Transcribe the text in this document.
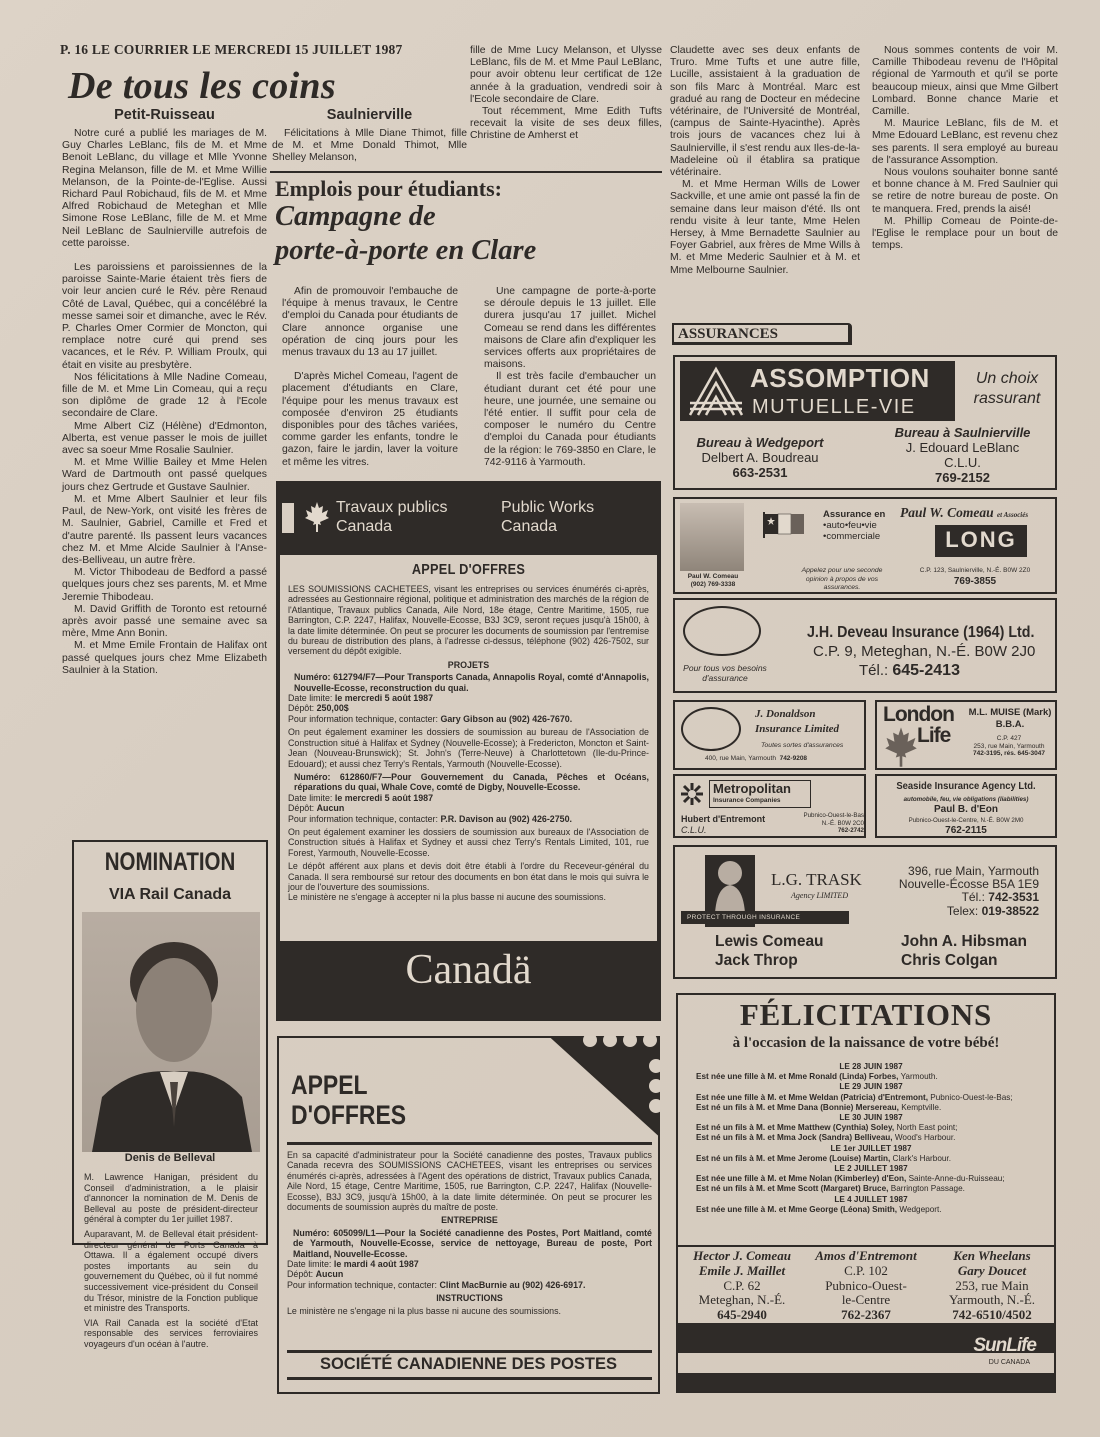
P. 16 LE COURRIER LE MERCREDI 15 JUILLET 1987
De tous les coins
Petit-Ruisseau

Notre curé a publié les mariages de M. Guy Charles LeBlanc, fils de M. et Mme Benoit LeBlanc, du village et Mlle Yvonne Regina Melanson, fille de M. et Mme Willie Melanson, de la Pointe-de-l'Eglise. Aussi Richard Paul Robichaud, fils de M. et Mme Alfred Robichaud de Meteghan et Mlle Simone Rose LeBlanc, fille de M. et Mme Neil LeBlanc de Saulnierville autrefois de cette paroisse.

Les paroissiens et paroissiennes de la paroisse Sainte-Marie étaient très fiers de voir leur ancien curé le Rév. père Renaud Côté de Laval, Québec, qui a concélébré la messe samei soir et dimanche, avec le Rév. P. Charles Omer Cormier de Moncton, qui remplace notre curé qui prend ses vacances, et le Rév. P. William Proulx, qui était en visite au presbytère.

Nos félicitations à Mlle Nadine Comeau, fille de M. et Mme Lin Comeau, qui a reçu son diplôme de grade 12 à l'Ecole secondaire de Clare.

Mme Albert CiZ (Hélène) d'Edmonton, Alberta, est venue passer le mois de juillet avec sa soeur Mme Rosalie Saulnier.

M. et Mme Willie Bailey et Mme Helen Ward de Dartmouth ont passé quelques jours chez Gertrude et Gustave Saulnier.

M. et Mme Albert Saulnier et leur fils Paul, de New-York, ont visité les frères de M. Saulnier, Gabriel, Camille et Fred et d'autre parenté. Ils passent leurs vacances chez M. et Mme Alcide Saulnier à l'Anse-des-Belliveau, un autre frère.

M. Victor Thibodeau de Bedford a passé quelques jours chez ses parents, M. et Mme Jeremie Thibodeau.

M. David Griffith de Toronto est retourné après avoir passé une semaine avec sa mère, Mme Ann Bonin.

M. et Mme Emile Frontain de Halifax ont passé quelques jours chez Mme Elizabeth Saulnier à la Station.

Saulnierville

Félicitations à Mlle Diane Thimot, fille de M. et Mme Donald Thimot, Mlle Shelley Melanson,

fille de Mme Lucy Melanson, et Ulysse LeBlanc, fils de M. et Mme Paul LeBlanc, pour avoir obtenu leur certificat de 12e année à la graduation, vendredi soir à l'Ecole secondaire de Clare.

Tout récemment, Mme Edith Tufts recevait la visite de ses deux filles, Christine de Amherst et

Claudette avec ses deux enfants de Truro. Mme Tufts et une autre fille, Lucille, assistaient à la graduation de son fils Marc à Montréal. Marc est gradué au rang de Docteur en médecine vétérinaire, de l'Université de Montréal, (campus de Sainte-Hyacinthe). Après trois jours de vacances chez lui à Saulnierville, il s'est rendu aux Iles-de-la-Madeleine où il établira sa pratique vétérinaire.

M. et Mme Herman Wills de Lower Sackville, et une amie ont passé la fin de semaine dans leur maison d'été. Ils ont rendu visite à leur tante, Mme Helen Hersey, à Mme Bernadette Saulnier au Foyer Gabriel, aux frères de Mme Wills à M. et Mme Mederic Saulnier et à M. et Mme Melbourne Saulnier.

Nous sommes contents de voir M. Camille Thibodeau revenu de l'Hôpital régional de Yarmouth et qu'il se porte beaucoup mieux, ainsi que Mme Gilbert Lombard. Bonne chance Marie et Camille.

M. Maurice LeBlanc, fils de M. et Mme Edouard LeBlanc, est revenu chez ses parents. Il sera employé au bureau de l'assurance Assomption.

Nous voulons souhaiter bonne santé et bonne chance à M. Fred Saulnier qui se retire de notre bureau de poste. On te manquera. Fred, prends la aisé!

M. Phillip Comeau de Pointe-de-l'Eglise le remplace pour un bout de temps.

Emplois pour étudiants:
Campagne de
porte-à-porte en Clare

Afin de promouvoir l'embauche de l'équipe à menus travaux, le Centre d'emploi du Canada pour étudiants de Clare annonce organise une opération de cinq jours pour les menus travaux du 13 au 17 juillet.

D'après Michel Comeau, l'agent de placement d'étudiants en Clare, l'équipe pour les menus travaux est composée d'environ 25 étudiants disponibles pour des tâches variées, comme garder les enfants, tondre le gazon, faire le jardin, laver la voiture et même les vitres.

Une campagne de porte-à-porte se déroule depuis le 13 juillet. Elle durera jusqu'au 17 juillet. Michel Comeau se rend dans les différentes maisons de Clare afin d'expliquer les services offerts aux propriétaires de maisons.

Il est très facile d'embaucher un étudiant durant cet été pour une heure, une journée, une semaine ou l'été entier. Il suffit pour cela de composer le numéro du Centre d'emploi du Canada pour étudiants de la région: le 769-3850 en Clare, le 742-9116 à Yarmouth.

Travaux publics
Canada
Public Works
Canada
APPEL D'OFFRES
LES SOUMISSIONS CACHETEES, visant les entreprises ou services énumérés ci-après, adressées au Gestionnaire régional, politique et administration des marchés de la région de l'Atlantique, Travaux publics Canada, Aile Nord, 18e étage, Centre Maritime, 1505, rue Barrington, C.P. 2247, Halifax, Nouvelle-Ecosse, B3J 3C9, seront reçues jusqu'à 15h00, à la date limite déterminée. On peut se procurer les documents de soumission par l'entremise du bureau de distribution des plans, à l'adresse ci-dessus, téléphone (902) 426-7502, sur versement du dépôt exigible.
PROJETS
Numéro: 612794/F7—Pour Transports Canada, Annapolis Royal, comté d'Annapolis, Nouvelle-Ecosse, reconstruction du quai.
Date limite: le mercredi 5 août 1987
Dépôt: 250,00$
Pour information technique, contacter: Gary Gibson au (902) 426-7670.
On peut également examiner les dossiers de soumission au bureau de l'Association de Construction situé à Halifax et Sydney (Nouvelle-Ecosse); à Fredericton, Moncton et Saint-Jean (Nouveau-Brunswick); St. John's (Terre-Neuve) à Charlottetown (Ile-du-Prince-Edouard); et aussi chez Terry's Rentals, Yarmouth (Nouvelle-Ecosse).
Numéro: 612860/F7—Pour Gouvernement du Canada, Pêches et Océans, réparations du quai, Whale Cove, comté de Digby, Nouvelle-Ecosse.
Date limite: le mercredi 5 août 1987
Dépôt: Aucun
Pour information technique, contacter: P.R. Davison au (902) 426-2750.
On peut également examiner les dossiers de soumission aux bureaux de l'Association de Construction situés à Halifax et Sydney et aussi chez Terry's Rentals Limited, 101, rue Forest, Yarmouth, Nouvelle-Ecosse.
Le dépôt afférent aux plans et devis doit être établi à l'ordre du Receveur-général du Canada. Il sera remboursé sur retour des documents en bon état dans le mois qui suivra le jour de l'ouverture des soumissions.
Le ministère ne s'engage à accepter ni la plus basse ni aucune des soumissions.
Canadä
APPEL
D'OFFRES
En sa capacité d'administrateur pour la Société canadienne des postes, Travaux publics Canada recevra des SOUMISSIONS CACHETEES, visant les entreprises ou services énumérés ci-après, adressées à l'Agent des opérations de district, Travaux publics Canada, Aile Nord, 15 étage, Centre Maritime, 1505, rue Barrington, C.P. 2247, Halifax (Nouvelle-Ecosse), B3J 3C9, jusqu'à 15h00, à la date limite déterminée. On peut se procurer les documents de soumission auprès du maître de poste.
ENTREPRISE
Numéro: 605099/L1—Pour la Société canadienne des Postes, Port Maitland, comté de Yarmouth, Nouvelle-Ecosse, service de nettoyage, Bureau de poste, Port Maitland, Nouvelle-Ecosse.
Date limite: le mardi 4 août 1987
Dépôt: Aucun
Pour information technique, contacter: Clint MacBurnie au (902) 426-6917.
INSTRUCTIONS
Le ministère ne s'engage ni la plus basse ni aucune des soumissions.
SOCIÉTÉ CANADIENNE DES POSTES
NOMINATION
VIA Rail Canada
Denis de Belleval

M. Lawrence Hanigan, président du Conseil d'administration, a le plaisir d'annoncer la nomination de M. Denis de Belleval au poste de président-directeur général à compter du 1er juillet 1987.

Auparavant, M. de Belleval était président-directeur général de Ports Canada à Ottawa. Il a également occupé divers postes importants au sein du gouvernement du Québec, où il fut nommé successivement vice-président du Conseil du Trésor, ministre de la Fonction publique et ministre des Transports.

VIA Rail Canada est la société d'Etat responsable des services ferroviaires voyageurs d'un océan à l'autre.

ASSURANCES
ASSOMPTION
MUTUELLE-VIE
Un choix rassurant
Bureau à Wedgeport
Delbert A. Boudreau
663-2531
Bureau à Saulnierville
J. Edouard LeBlanc
C.L.U.
769-2152
Paul W. Comeau
(902) 769-3338
Assurance en
•auto•feu•vie
•commerciale
Appelez pour une seconde opinion à propos de vos assurances.
Paul W. Comeau et Associés
LONG
C.P. 123, Saulnierville, N.-É. B0W 2Z0
769-3855
Pour tous vos besoins d'assurance
J.H. Deveau Insurance (1964) Ltd.
C.P. 9, Meteghan, N.-É. B0W 2J0
Tél.: 645-2413
J. Donaldson
Insurance Limited
Toutes sortes d'assurances
400, rue Main, Yarmouth 742-9208
London
Life
M.L. MUISE (Mark)
B.B.A.
C.P. 427
253, rue Main, Yarmouth
742-3195, rés. 645-3047
Metropolitan
Insurance Companies
Hubert d'Entremont
C.L.U.
Pubnico-Ouest-le-Bas
N.-É. B0W 2C0
762-2742
Seaside Insurance Agency Ltd.
automobile, feu, vie obligations (liabilities)
Paul B. d'Eon
Pubnico-Ouest-le-Centre, N.-É. B0W 2M0
762-2115
PROTECT THROUGH INSURANCE
L.G. TRASK
Agency LIMITED
396, rue Main, Yarmouth
Nouvelle-Écosse B5A 1E9
Tél.: 742-3531
Telex: 019-38522
Lewis Comeau
Jack Throp
John A. Hibsman
Chris Colgan
FÉLICITATIONS
à l'occasion de la naissance de votre bébé!
LE 28 JUIN 1987
Est née une fille à M. et Mme Ronald (Linda) Forbes, Yarmouth.
LE 29 JUIN 1987
Est née une fille à M. et Mme Weldan (Patricia) d'Entremont, Pubnico-Ouest-le-Bas;
Est né un fils à M. et Mme Dana (Bonnie) Mersereau, Kemptville.
LE 30 JUIN 1987
Est né un fils à M. et Mme Matthew (Cynthia) Soley, North East point;
Est né un fils à M. et Mma Jock (Sandra) Belliveau, Wood's Harbour.
LE 1er JUILLET 1987
Est né un fils à M. et Mme Jerome (Louise) Martin, Clark's Harbour.
LE 2 JUILLET 1987
Est née une fille à M. et Mme Nolan (Kimberley) d'Eon, Sainte-Anne-du-Ruisseau;
Est né un fils à M. et Mme Scott (Margaret) Bruce, Barrington Passage.
LE 4 JUILLET 1987
Est née une fille à M. et Mme George (Léona) Smith, Wedgeport.
Hector J. Comeau
Emile J. Maillet
C.P. 62
Meteghan, N.-É.
645-2940
Amos d'Entremont
C.P. 102
Pubnico-Ouest-
le-Centre
762-2367
Ken Wheelans
Gary Doucet
253, rue Main
Yarmouth, N.-É.
742-6510/4502
SunLife
DU CANADA
